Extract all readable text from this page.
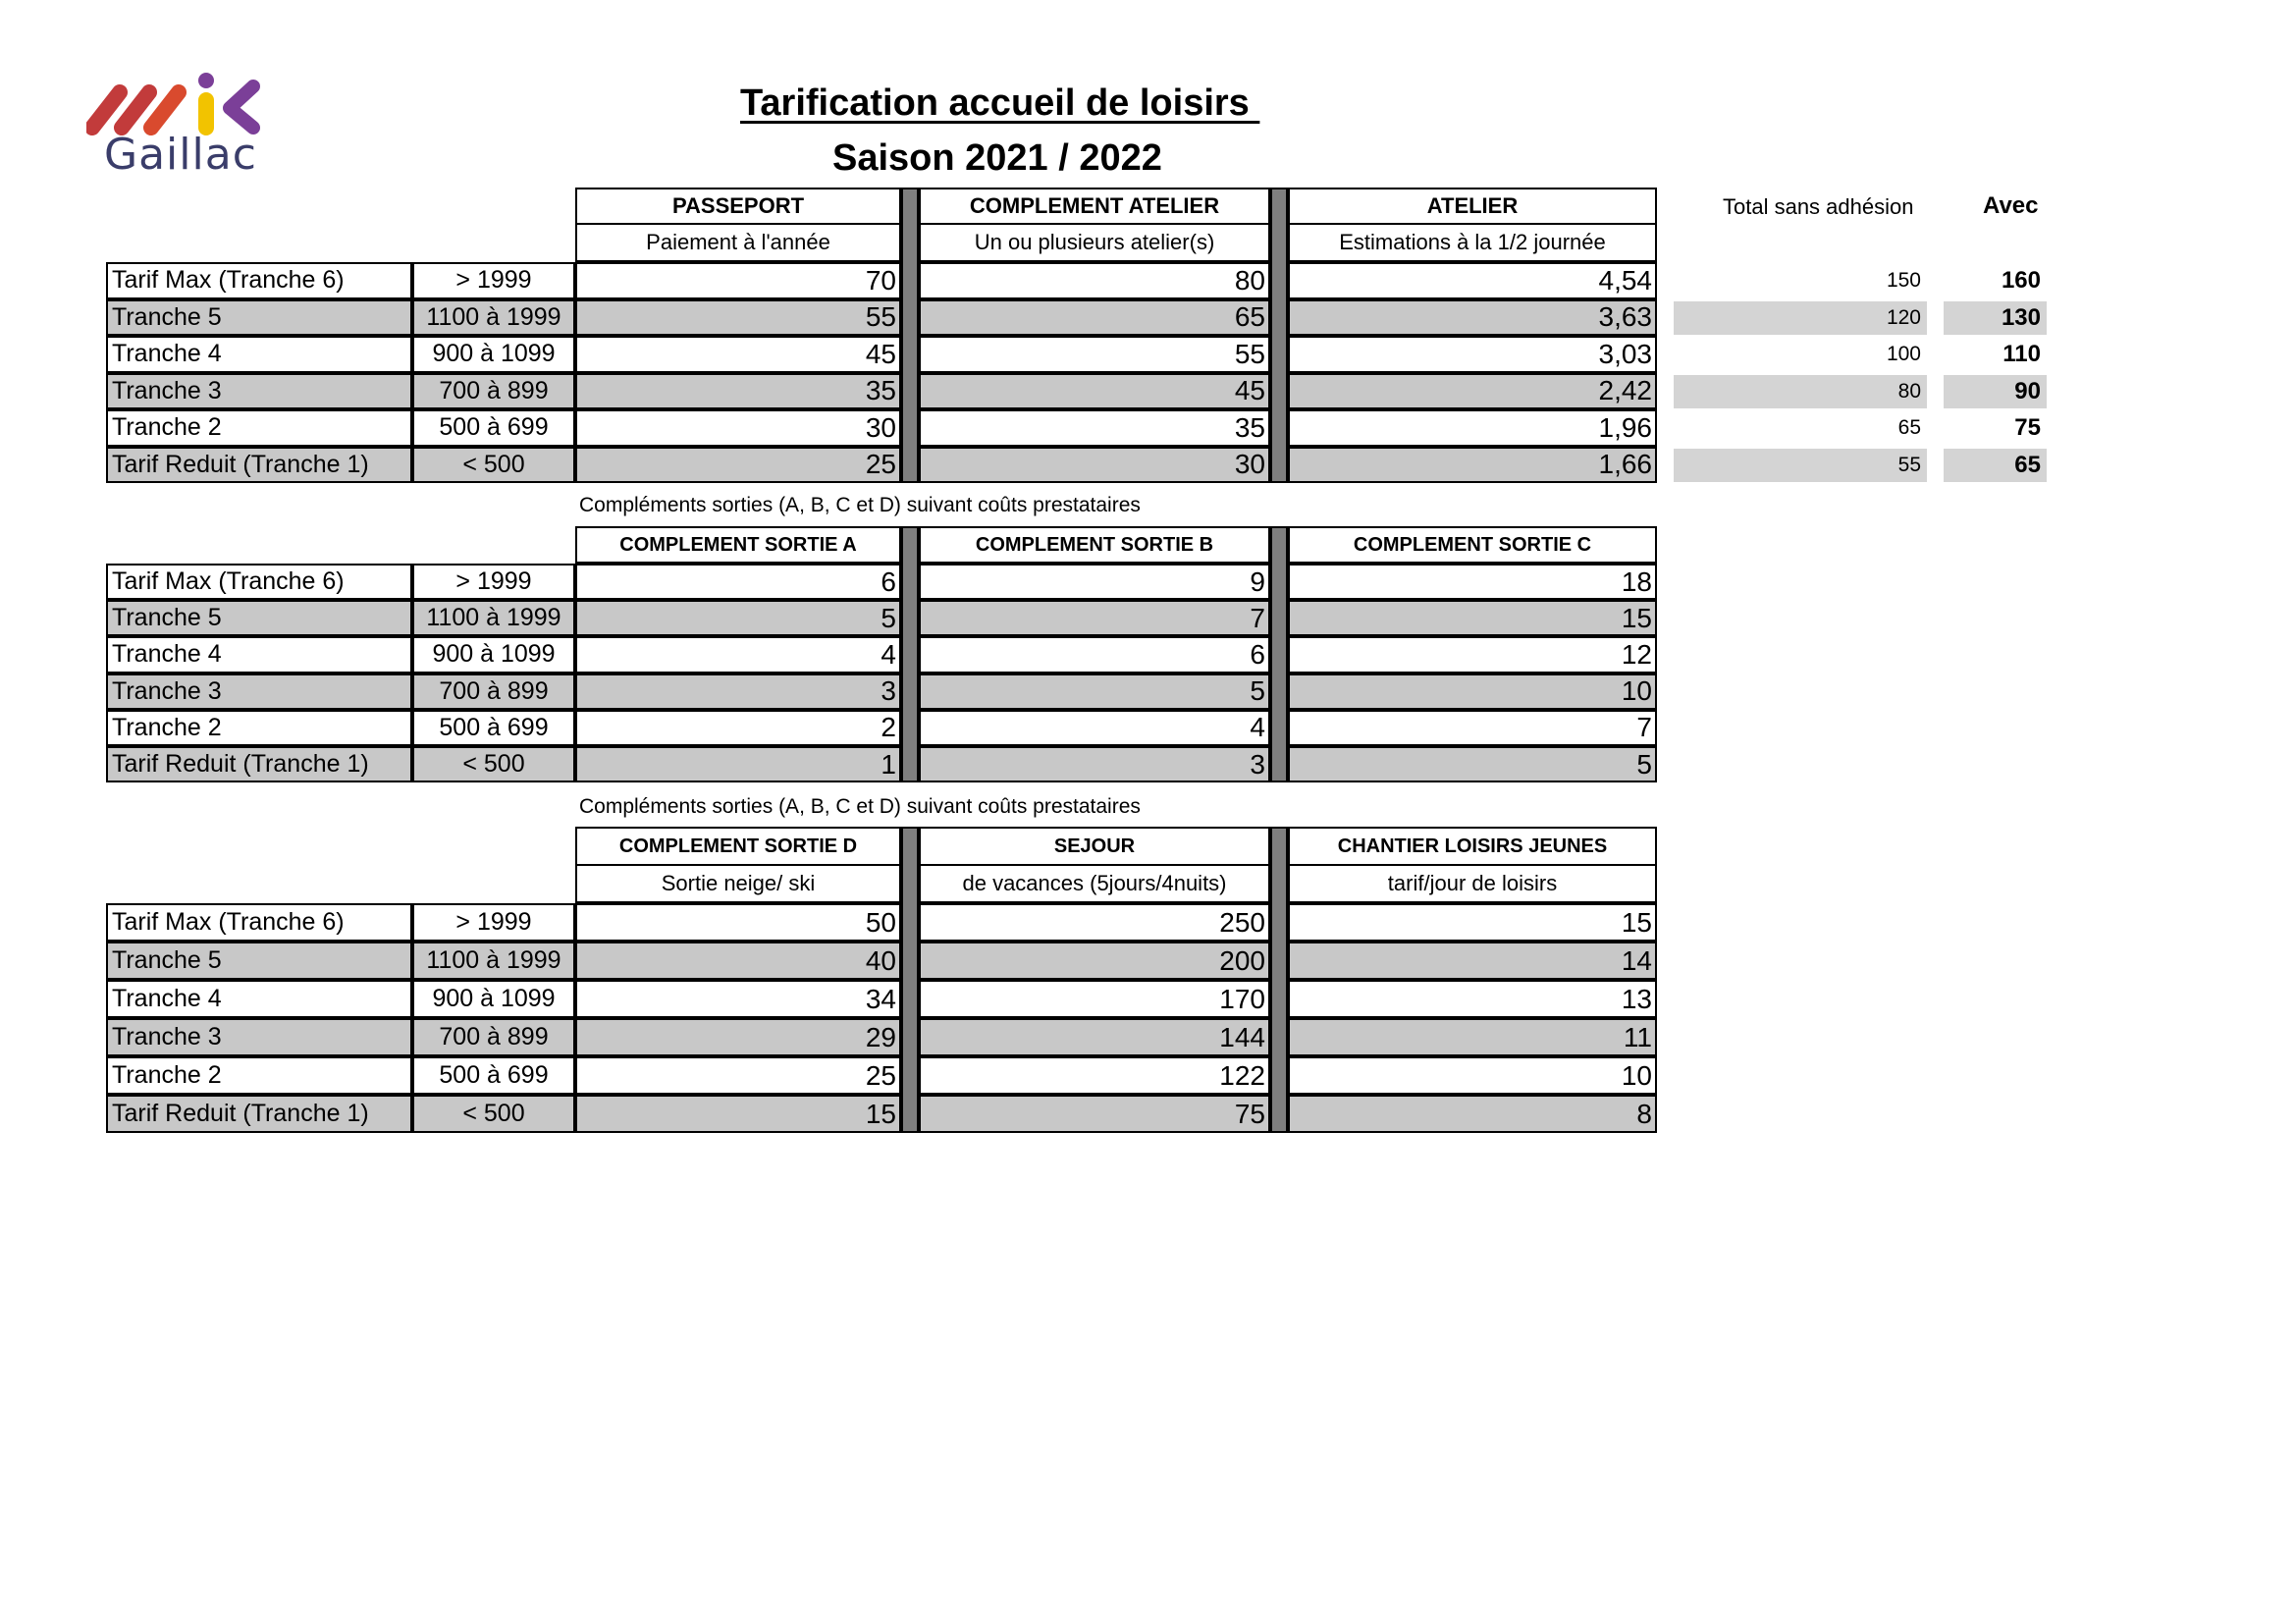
Gaillac
Tarification accueil de loisirs
Saison 2021 / 2022
PASSEPORT	COMPLEMENT ATELIER	ATELIER
Paiement à l'année	Un ou plusieurs atelier(s)	Estimations à la 1/2 journée
Tarif Max (Tranche 6)	> 1999	70	80	4,54
Tranche 5	1100 à 1999	55	65	3,63
Tranche 4	900 à 1099	45	55	3,03
Tranche 3	700 à 899	35	45	2,42
Tranche 2	500 à 699	30	35	1,96
Tarif Reduit (Tranche 1)	< 500	25	30	1,66
Total sans adhésion	Avec
150	160
120	130
100	110
80	90
65	75
55	65
Compléments sorties (A, B, C et D) suivant coûts prestataires
COMPLEMENT SORTIE A	COMPLEMENT SORTIE B	COMPLEMENT SORTIE C
Tarif Max (Tranche 6)	> 1999	6	9	18
Tranche 5	1100 à 1999	5	7	15
Tranche 4	900 à 1099	4	6	12
Tranche 3	700 à 899	3	5	10
Tranche 2	500 à 699	2	4	7
Tarif Reduit (Tranche 1)	< 500	1	3	5
Compléments sorties (A, B, C et D) suivant coûts prestataires
COMPLEMENT SORTIE D	SEJOUR	CHANTIER LOISIRS JEUNES
Sortie neige/ ski	de vacances (5jours/4nuits)	tarif/jour de loisirs
Tarif Max (Tranche 6)	> 1999	50	250	15
Tranche 5	1100 à 1999	40	200	14
Tranche 4	900 à 1099	34	170	13
Tranche 3	700 à 899	29	144	11
Tranche 2	500 à 699	25	122	10
Tarif Reduit (Tranche 1)	< 500	15	75	8
